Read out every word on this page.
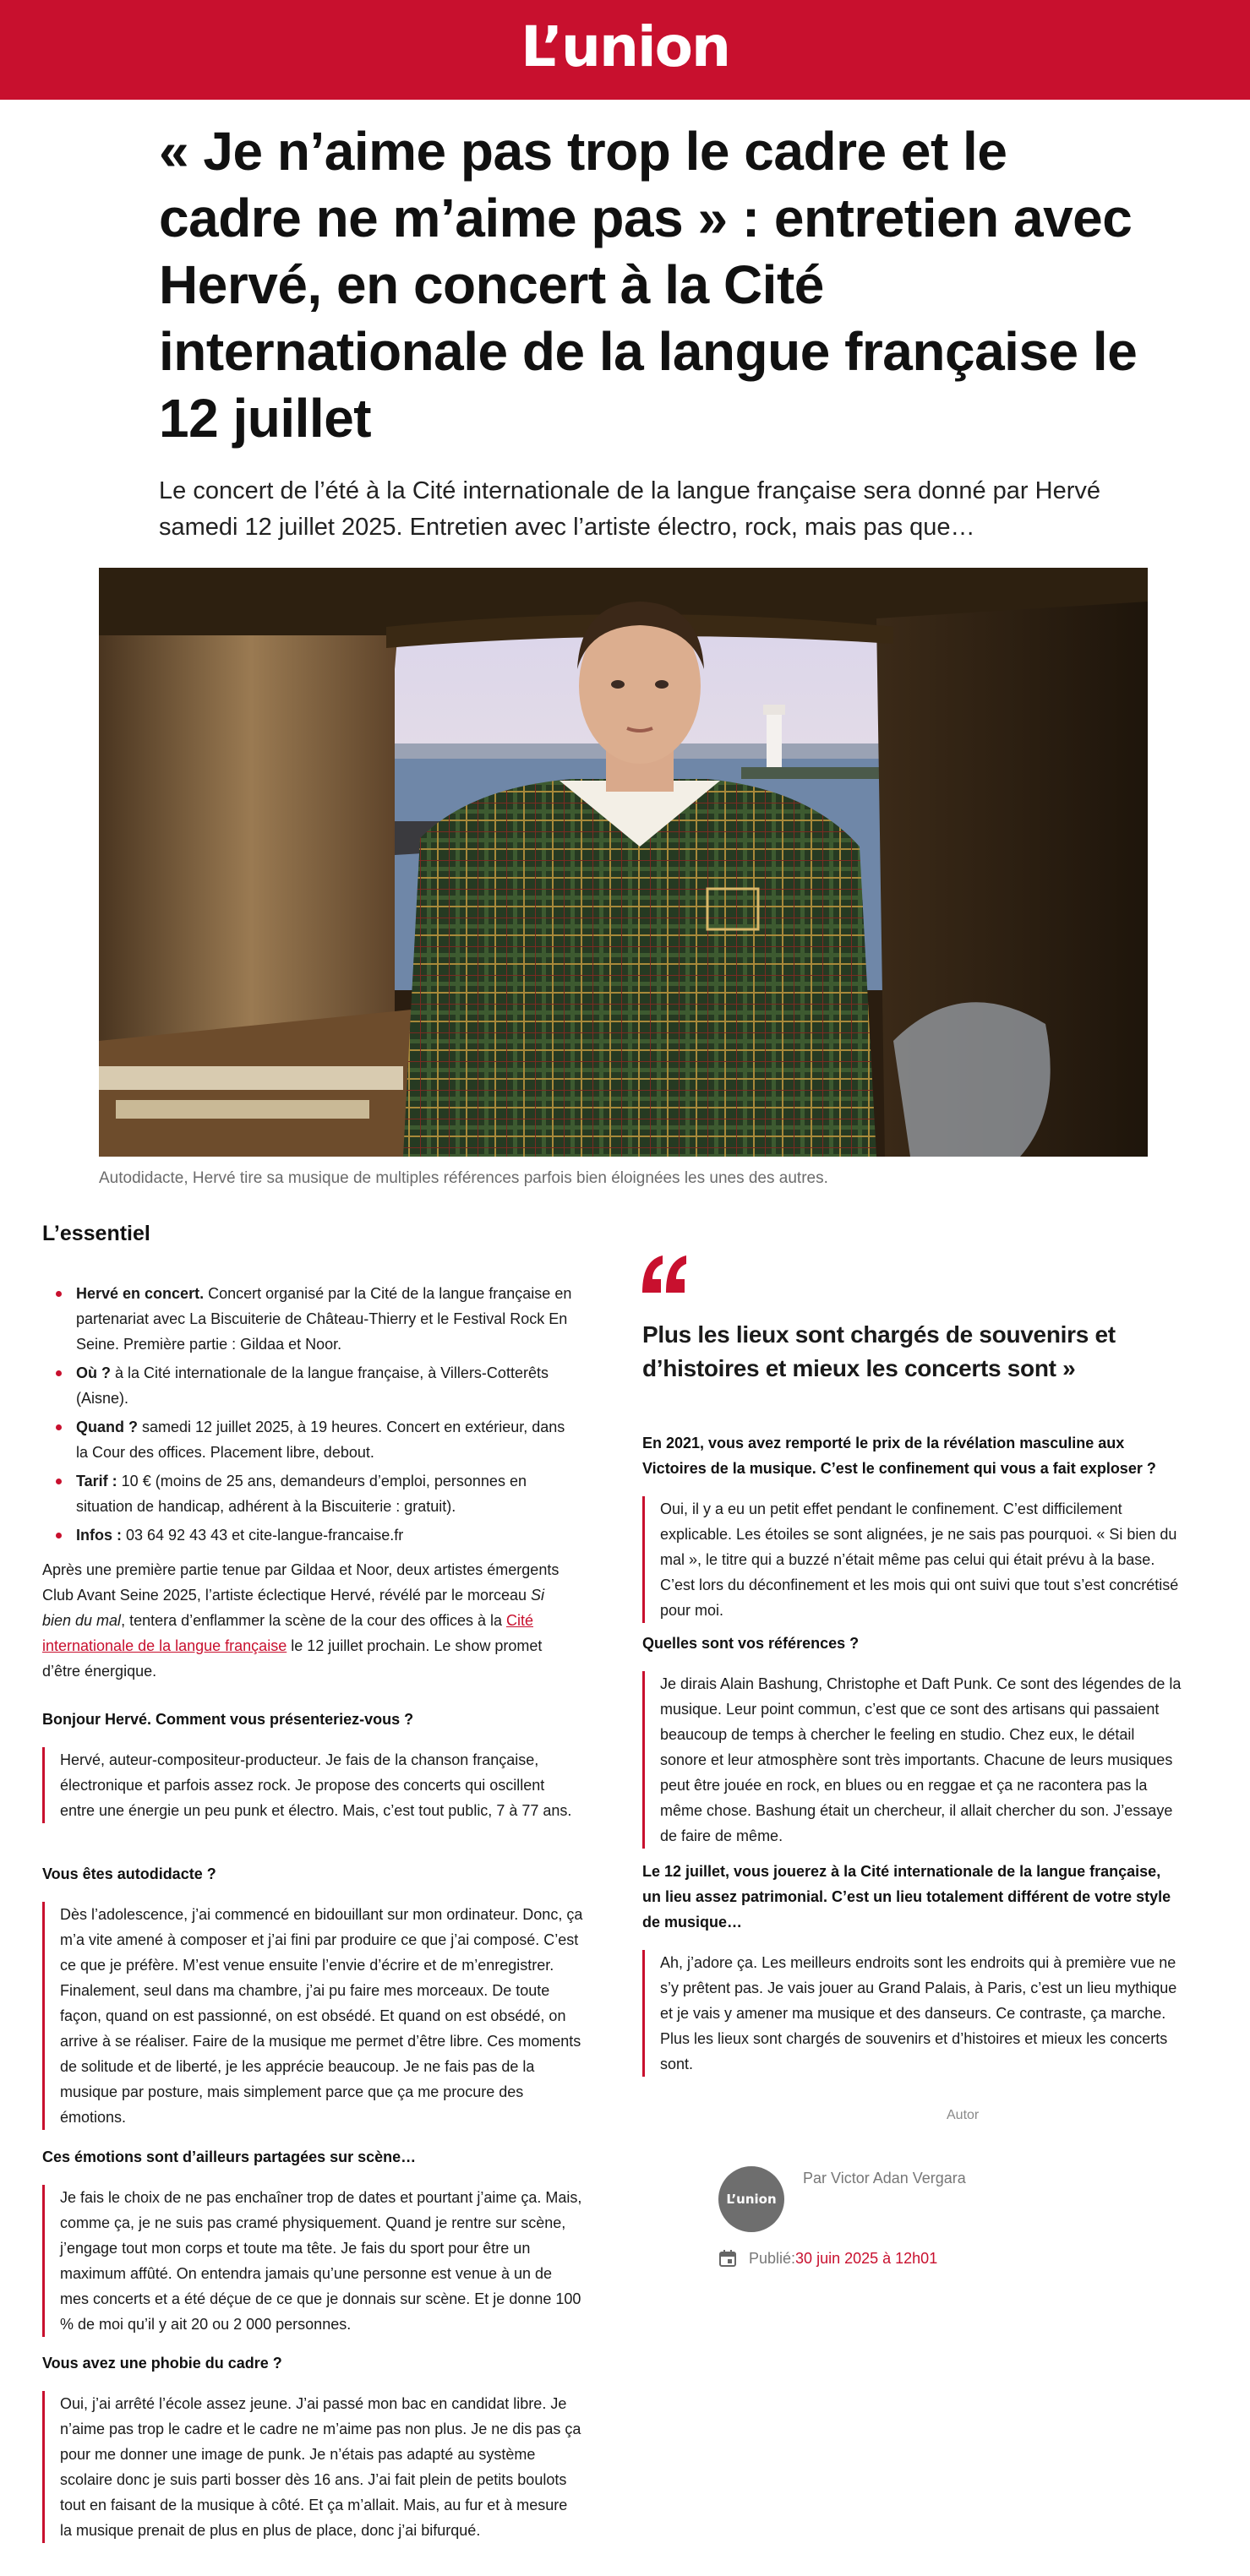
L’union
« Je n’aime pas trop le cadre et le cadre ne m’aime pas » : entretien avec Hervé, en concert à la Cité internationale de la langue française le 12 juillet

Le concert de l’été à la Cité internationale de la langue française sera donné par Hervé samedi 12 juillet 2025. Entretien avec l’artiste électro, rock, mais pas que…

Autodidacte, Hervé tire sa musique de multiples références parfois bien éloignées les unes des autres.

L’essentiel
Hervé en concert. Concert organisé par la Cité de la langue française en partenariat avec La Biscuiterie de Château-Thierry et le Festival Rock En Seine. Première partie : Gildaa et Noor.
Où ? à la Cité internationale de la langue française, à Villers-Cotterêts (Aisne).
Quand ? samedi 12 juillet 2025, à 19 heures. Concert en extérieur, dans la Cour des offices. Placement libre, debout.
Tarif : 10 € (moins de 25 ans, demandeurs d’emploi, personnes en situation de handicap, adhérent à la Biscuiterie : gratuit).
Infos : 03 64 92 43 43 et cite-langue-francaise.fr

Après une première partie tenue par Gildaa et Noor, deux artistes émergents Club Avant Seine 2025, l’artiste éclectique Hervé, révélé par le morceau Si bien du mal, tentera d’enflammer la scène de la cour des offices à la Cité internationale de la langue française le 12 juillet prochain. Le show promet d’être énergique.

Bonjour Hervé. Comment vous présenteriez-vous ?

Hervé, auteur-compositeur-producteur. Je fais de la chanson française, électronique et parfois assez rock. Je propose des concerts qui oscillent entre une énergie un peu punk et électro. Mais, c’est tout public, 7 à 77 ans.

Vous êtes autodidacte ?

Dès l’adolescence, j’ai commencé en bidouillant sur mon ordinateur. Donc, ça m’a vite amené à composer et j’ai fini par produire ce que j’ai composé. C’est ce que je préfère. M’est venue ensuite l’envie d’écrire et de m’enregistrer. Finalement, seul dans ma chambre, j’ai pu faire mes morceaux. De toute façon, quand on est passionné, on est obsédé. Et quand on est obsédé, on arrive à se réaliser. Faire de la musique me permet d’être libre. Ces moments de solitude et de liberté, je les apprécie beaucoup. Je ne fais pas de la musique par posture, mais simplement parce que ça me procure des émotions.

Ces émotions sont d’ailleurs partagées sur scène…

Je fais le choix de ne pas enchaîner trop de dates et pourtant j’aime ça. Mais, comme ça, je ne suis pas cramé physiquement. Quand je rentre sur scène, j’engage tout mon corps et toute ma tête. Je fais du sport pour être un maximum affûté. On entendra jamais qu’une personne est venue à un de mes concerts et a été déçue de ce que je donnais sur scène. Et je donne 100 % de moi qu’il y ait 20 ou 2 000 personnes.

Vous avez une phobie du cadre ?

Oui, j’ai arrêté l’école assez jeune. J’ai passé mon bac en candidat libre. Je n’aime pas trop le cadre et le cadre ne m’aime pas non plus. Je ne dis pas ça pour me donner une image de punk. Je n’étais pas adapté au système scolaire donc je suis parti bosser dès 16 ans. J’ai fait plein de petits boulots tout en faisant de la musique à côté. Et ça m’allait. Mais, au fur et à mesure la musique prenait de plus en plus de place, donc j’ai bifurqué.

Plus les lieux sont chargés de souvenirs et d’histoires et mieux les concerts sont »

En 2021, vous avez remporté le prix de la révélation masculine aux Victoires de la musique. C’est le confinement qui vous a fait exploser ?

Oui, il y a eu un petit effet pendant le confinement. C’est difficilement explicable. Les étoiles se sont alignées, je ne sais pas pourquoi. « Si bien du mal », le titre qui a buzzé n’était même pas celui qui était prévu à la base. C’est lors du déconfinement et les mois qui ont suivi que tout s’est concrétisé pour moi.

Quelles sont vos références ?

Je dirais Alain Bashung, Christophe et Daft Punk. Ce sont des légendes de la musique. Leur point commun, c’est que ce sont des artisans qui passaient beaucoup de temps à chercher le feeling en studio. Chez eux, le détail sonore et leur atmosphère sont très importants. Chacune de leurs musiques peut être jouée en rock, en blues ou en reggae et ça ne racontera pas la même chose. Bashung était un chercheur, il allait chercher du son. J’essaye de faire de même.

Le 12 juillet, vous jouerez à la Cité internationale de la langue française, un lieu assez patrimonial. C’est un lieu totalement différent de votre style de musique…

Ah, j’adore ça. Les meilleurs endroits sont les endroits qui à première vue ne s’y prêtent pas. Je vais jouer au Grand Palais, à Paris, c’est un lieu mythique et je vais y amener ma musique et des danseurs. Ce contraste, ça marche. Plus les lieux sont chargés de souvenirs et d’histoires et mieux les concerts sont.

Autor
L’union
Par Victor Adan Vergara
Publié: 30 juin 2025 à 12h01
